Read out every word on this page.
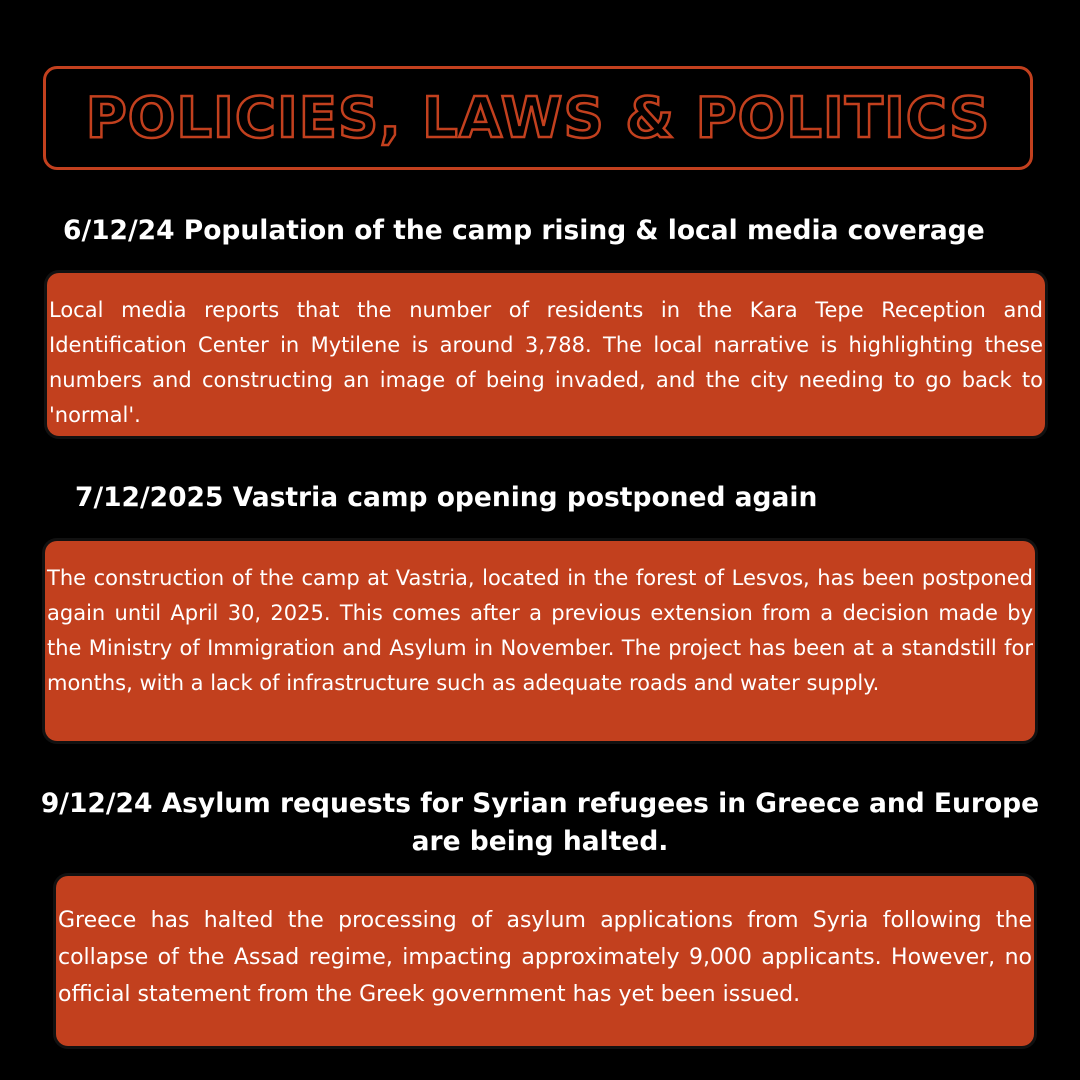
POLICIES, LAWS & POLITICS
6/12/24 Population of the camp rising & local media coverage

Local media reports that the number of residents in the Kara Tepe Reception and Identification Center in Mytilene is around 3,788. The local narrative is highlighting these numbers and constructing an image of being invaded, and the city needing to go back to 'normal'.

7/12/2025 Vastria camp opening postponed again

The construction of the camp at Vastria, located in the forest of Lesvos, has been postponed again until April 30, 2025. This comes after a previous extension from a decision made by the Ministry of Immigration and Asylum in November. The project has been at a standstill for months, with a lack of infrastructure such as adequate roads and water supply.

9/12/24 Asylum requests for Syrian refugees in Greece and Europe are being halted.

Greece has halted the processing of asylum applications from Syria following the collapse of the Assad regime, impacting approximately 9,000 applicants. However, no official statement from the Greek government has yet been issued.
